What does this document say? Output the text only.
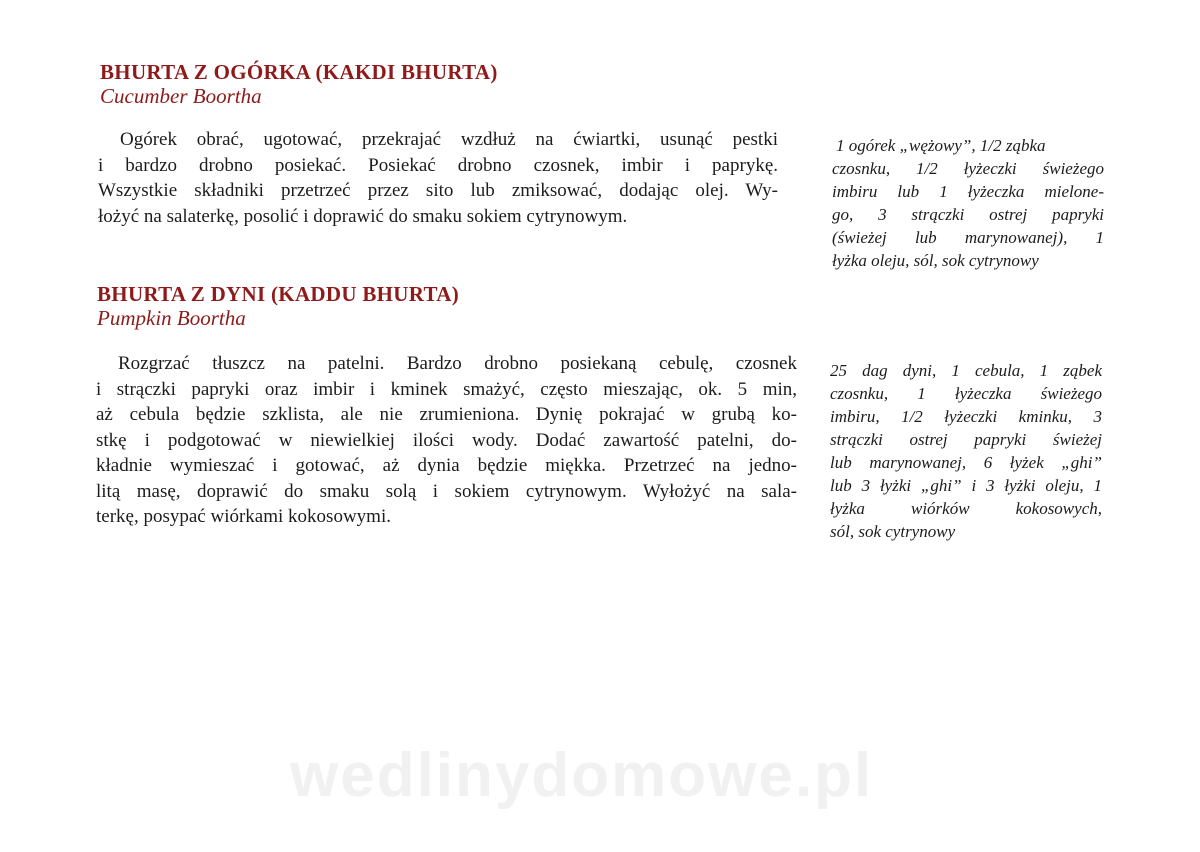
BHURTA Z OGÓRKA (KAKDI BHURTA)
Cucumber Boortha
Ogórek obrać, ugotować, przekrajać wzdłuż na ćwiartki, usunąć pestki
i bardzo drobno posiekać. Posiekać drobno czosnek, imbir i paprykę.
Wszystkie składniki przetrzeć przez sito lub zmiksować, dodając olej. Wy-
łożyć na salaterkę, posolić i doprawić do smaku sokiem cytrynowym.
1 ogórek „wężowy”, 1/2 ząbka
czosnku, 1/2 łyżeczki świeżego
imbiru lub 1 łyżeczka mielone-
go, 3 strączki ostrej papryki
(świeżej lub marynowanej), 1
łyżka oleju, sól, sok cytrynowy
BHURTA Z DYNI (KADDU BHURTA)
Pumpkin Boortha
Rozgrzać tłuszcz na patelni. Bardzo drobno posiekaną cebulę, czosnek
i strączki papryki oraz imbir i kminek smażyć, często mieszając, ok. 5 min,
aż cebula będzie szklista, ale nie zrumieniona. Dynię pokrajać w grubą ko-
stkę i podgotować w niewielkiej ilości wody. Dodać zawartość patelni, do-
kładnie wymieszać i gotować, aż dynia będzie miękka. Przetrzeć na jedno-
litą masę, doprawić do smaku solą i sokiem cytrynowym. Wyłożyć na sala-
terkę, posypać wiórkami kokosowymi.
25 dag dyni, 1 cebula, 1 ząbek
czosnku, 1 łyżeczka świeżego
imbiru, 1/2 łyżeczki kminku, 3
strączki ostrej papryki świeżej
lub marynowanej, 6 łyżek „ghi”
lub 3 łyżki „ghi” i 3 łyżki oleju, 1
łyżka wiórków kokosowych,
sól, sok cytrynowy
wedlinydomowe.pl
